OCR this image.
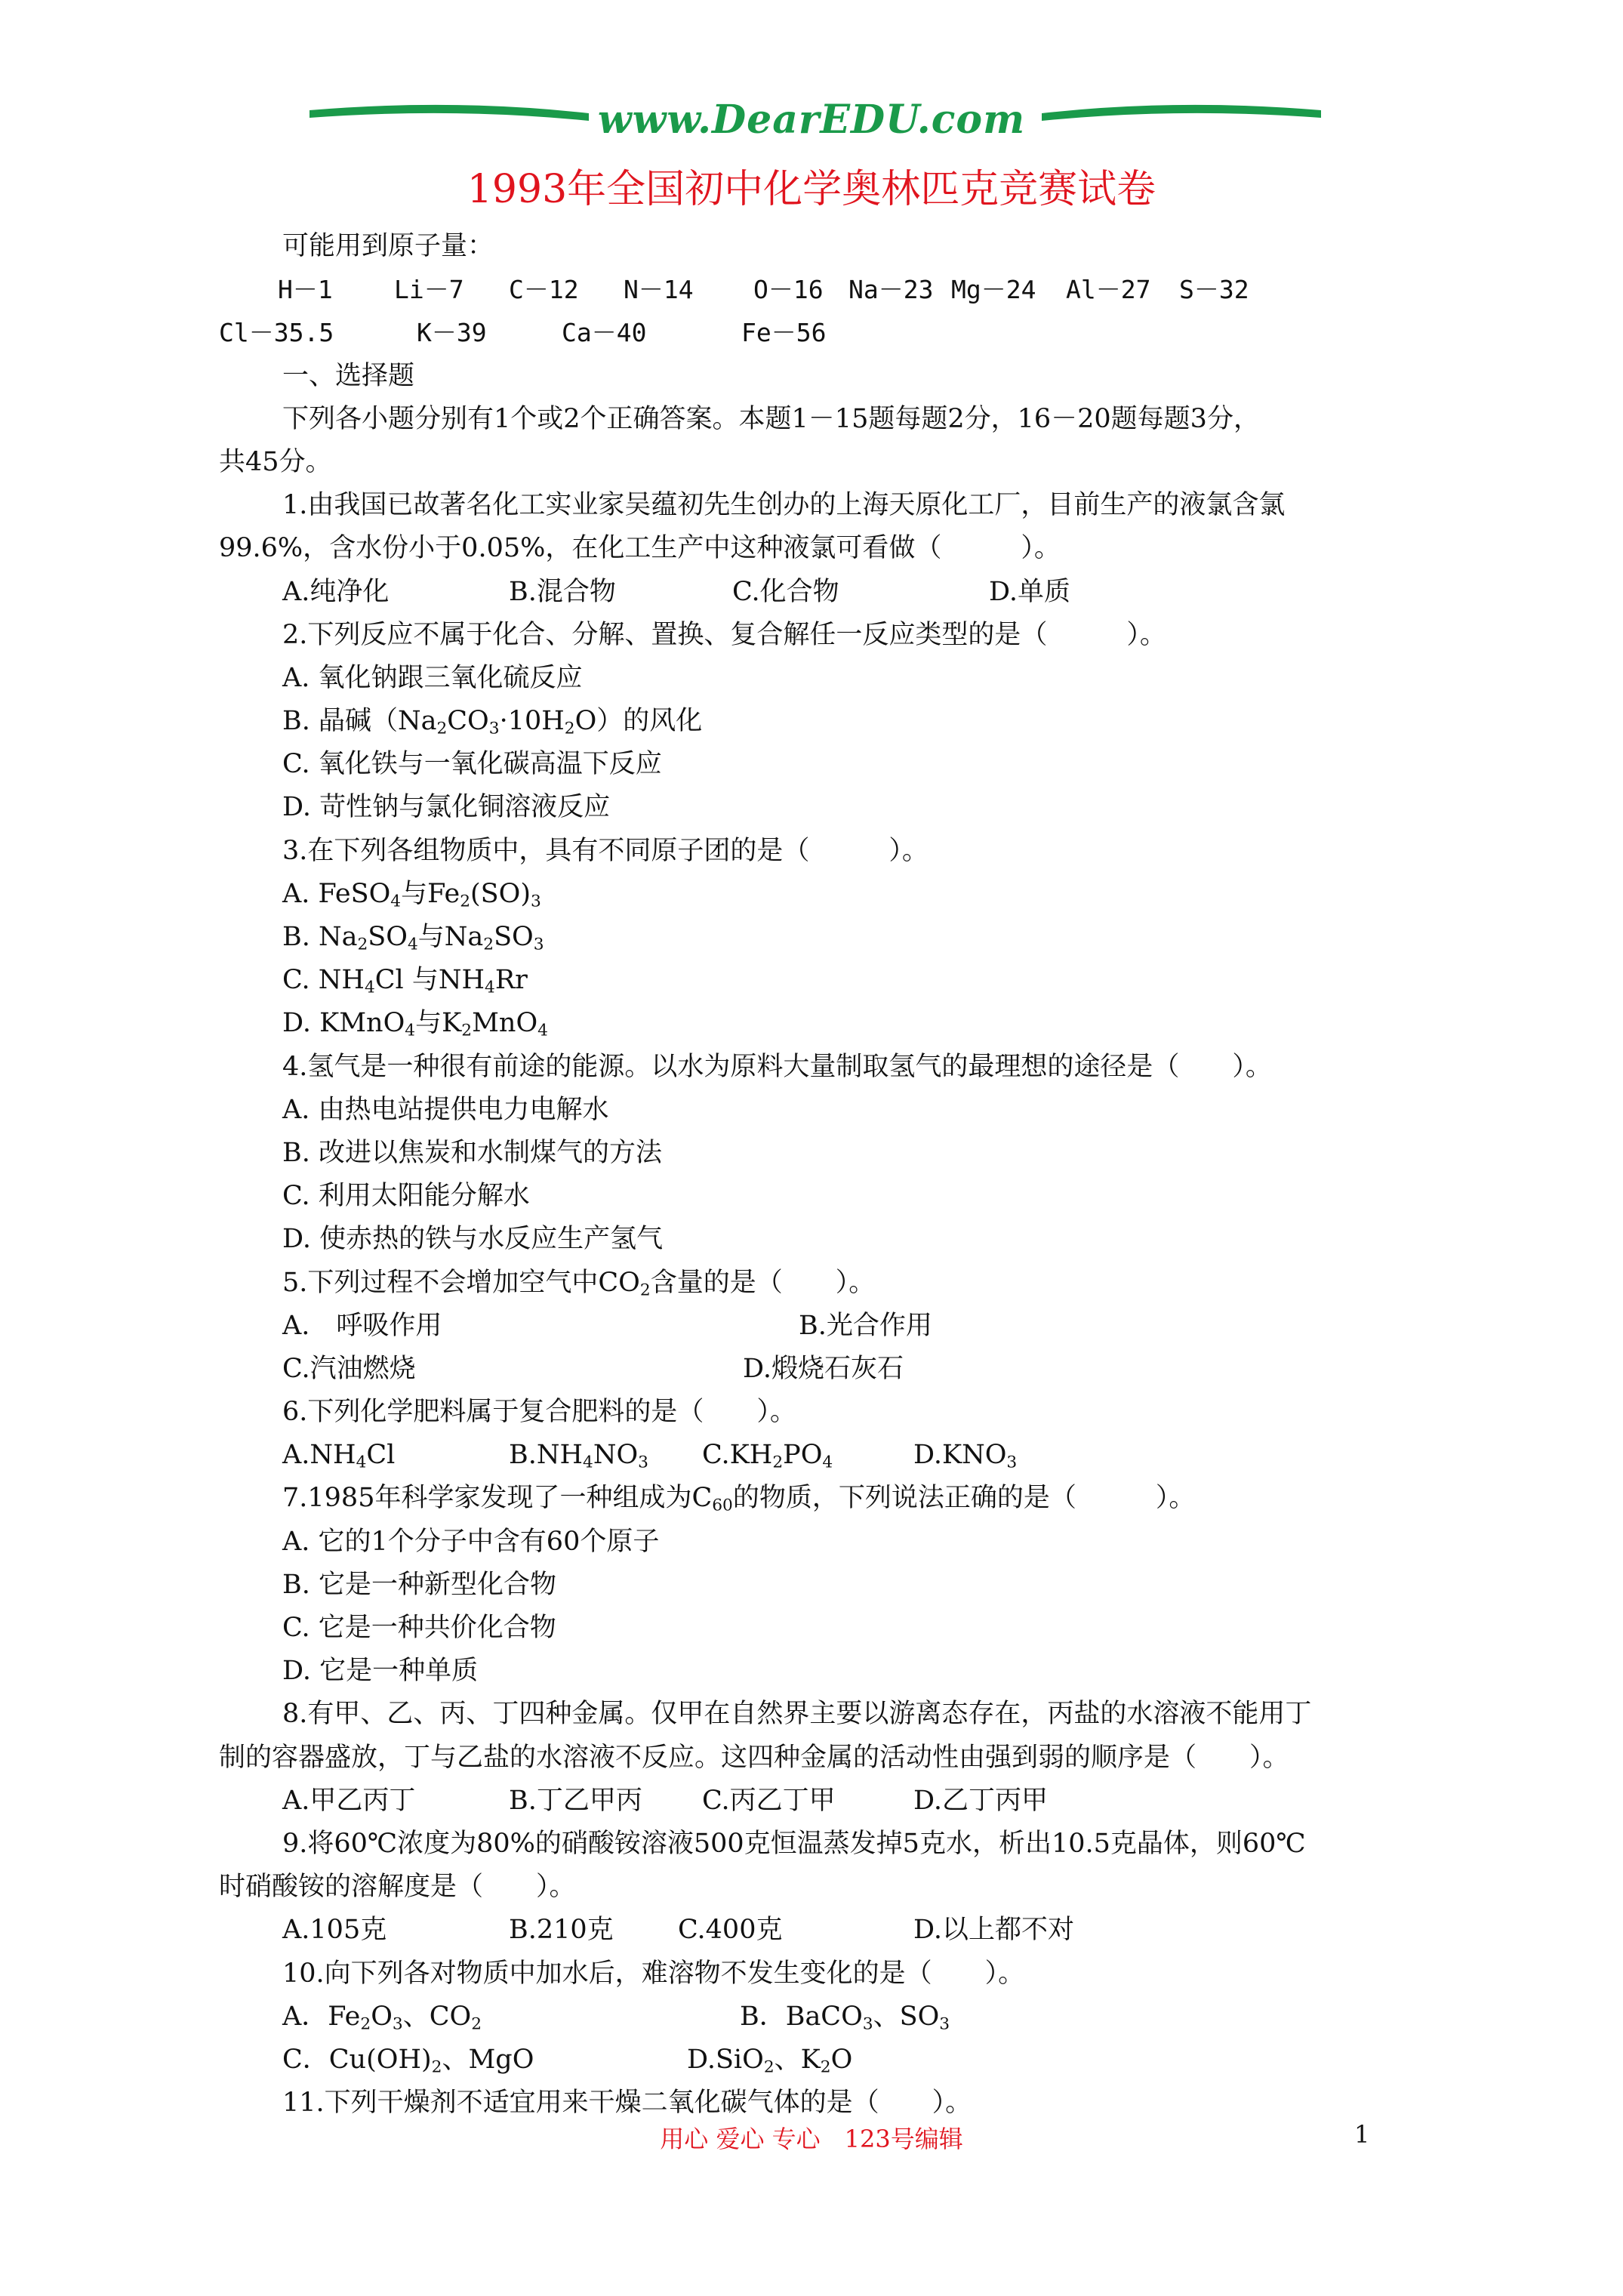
www.DearEDU.com
1993年全国初中化学奥林匹克竞赛试卷
可能用到原子量：
H－1 Li－7 C－12 N－14 O－16 Na－23 Mg－24 Al－27 S－32
Cl－35.5	K－39	Ca－40	Fe－56
一、选择题
下列各小题分别有1个或2个正确答案。本题1－15题每题2分，16－20题每题3分，
共45分。
1.由我国已故著名化工实业家吴蕴初先生创办的上海天原化工厂，目前生产的液氯含氯
99.6%，含水份小于0.05%，在化工生产中这种液氯可看做（　　　）。
A.纯净化	B.混合物	C.化合物	D.单质
2.下列反应不属于化合、分解、置换、复合解任一反应类型的是（　　　）。
A. 氧化钠跟三氧化硫反应
B. 晶碱$(Na_2CO_3\cdot 10H_2O)$的风化
C. 氧化铁与一氧化碳高温下反应
D. 苛性钠与氯化铜溶液反应
3.在下列各组物质中，具有不同原子团的是（　　　）。
A. FeSO$_4$与$Fe_2(SO)_3$
B. $Na_2SO_4$与$Na_2SO_3$
C. $NH_4Cl$ 与$NH_4Rr$
D. KMnO$_4$与$K_2MnO_4$
4.氢气是一种很有前途的能源。以水为原料大量制取氢气的最理想的途径是（　　）。
A. 由热电站提供电力电解水
B. 改进以焦炭和水制煤气的方法
C. 利用太阳能分解水
D. 使赤热的铁与水反应生产氢气
5.下列过程不会增加空气中$CO_2$含量的是（　　）。
A.　呼吸作用	B.光合作用
C.汽油燃烧	D.煅烧石灰石
6.下列化学肥料属于复合肥料的是（　　）。
$A.NH_4Cl$	$B.NH_4NO_3$ $C.KH_2PO_4$	$D.KNO_3$
7.1985年科学家发现了一种组成为$C_{60}$的物质，下列说法正确的是（　　　）。
A. 它的1个分子中含有60个原子
B. 它是一种新型化合物
C. 它是一种共价化合物
D. 它是一种单质
8.有甲、乙、丙、丁四种金属。仅甲在自然界主要以游离态存在，丙盐的水溶液不能用丁
制的容器盛放，丁与乙盐的水溶液不反应。这四种金属的活动性由强到弱的顺序是（　　）。
A.甲乙丙丁	B.丁乙甲丙 C.丙乙丁甲	D.乙丁丙甲
9.将60℃浓度为80%的硝酸铵溶液500克恒温蒸发掉5克水，析出10.5克晶体，则60℃
时硝酸铵的溶解度是（　　）。
A.105克	B.210克 C.400克	D.以上都不对
10.向下列各对物质中加水后，难溶物不发生变化的是（　　）。
A．$Fe_2O_3$、$CO_2$	B．BaCO$_3$、$SO_3$
C．$Cu(OH)_2$、MgO	D.SiO$_2$、$K_2O$
11.下列干燥剂不适宜用来干燥二氧化碳气体的是（　　）。
用心 爱心 专心　123号编辑	1
